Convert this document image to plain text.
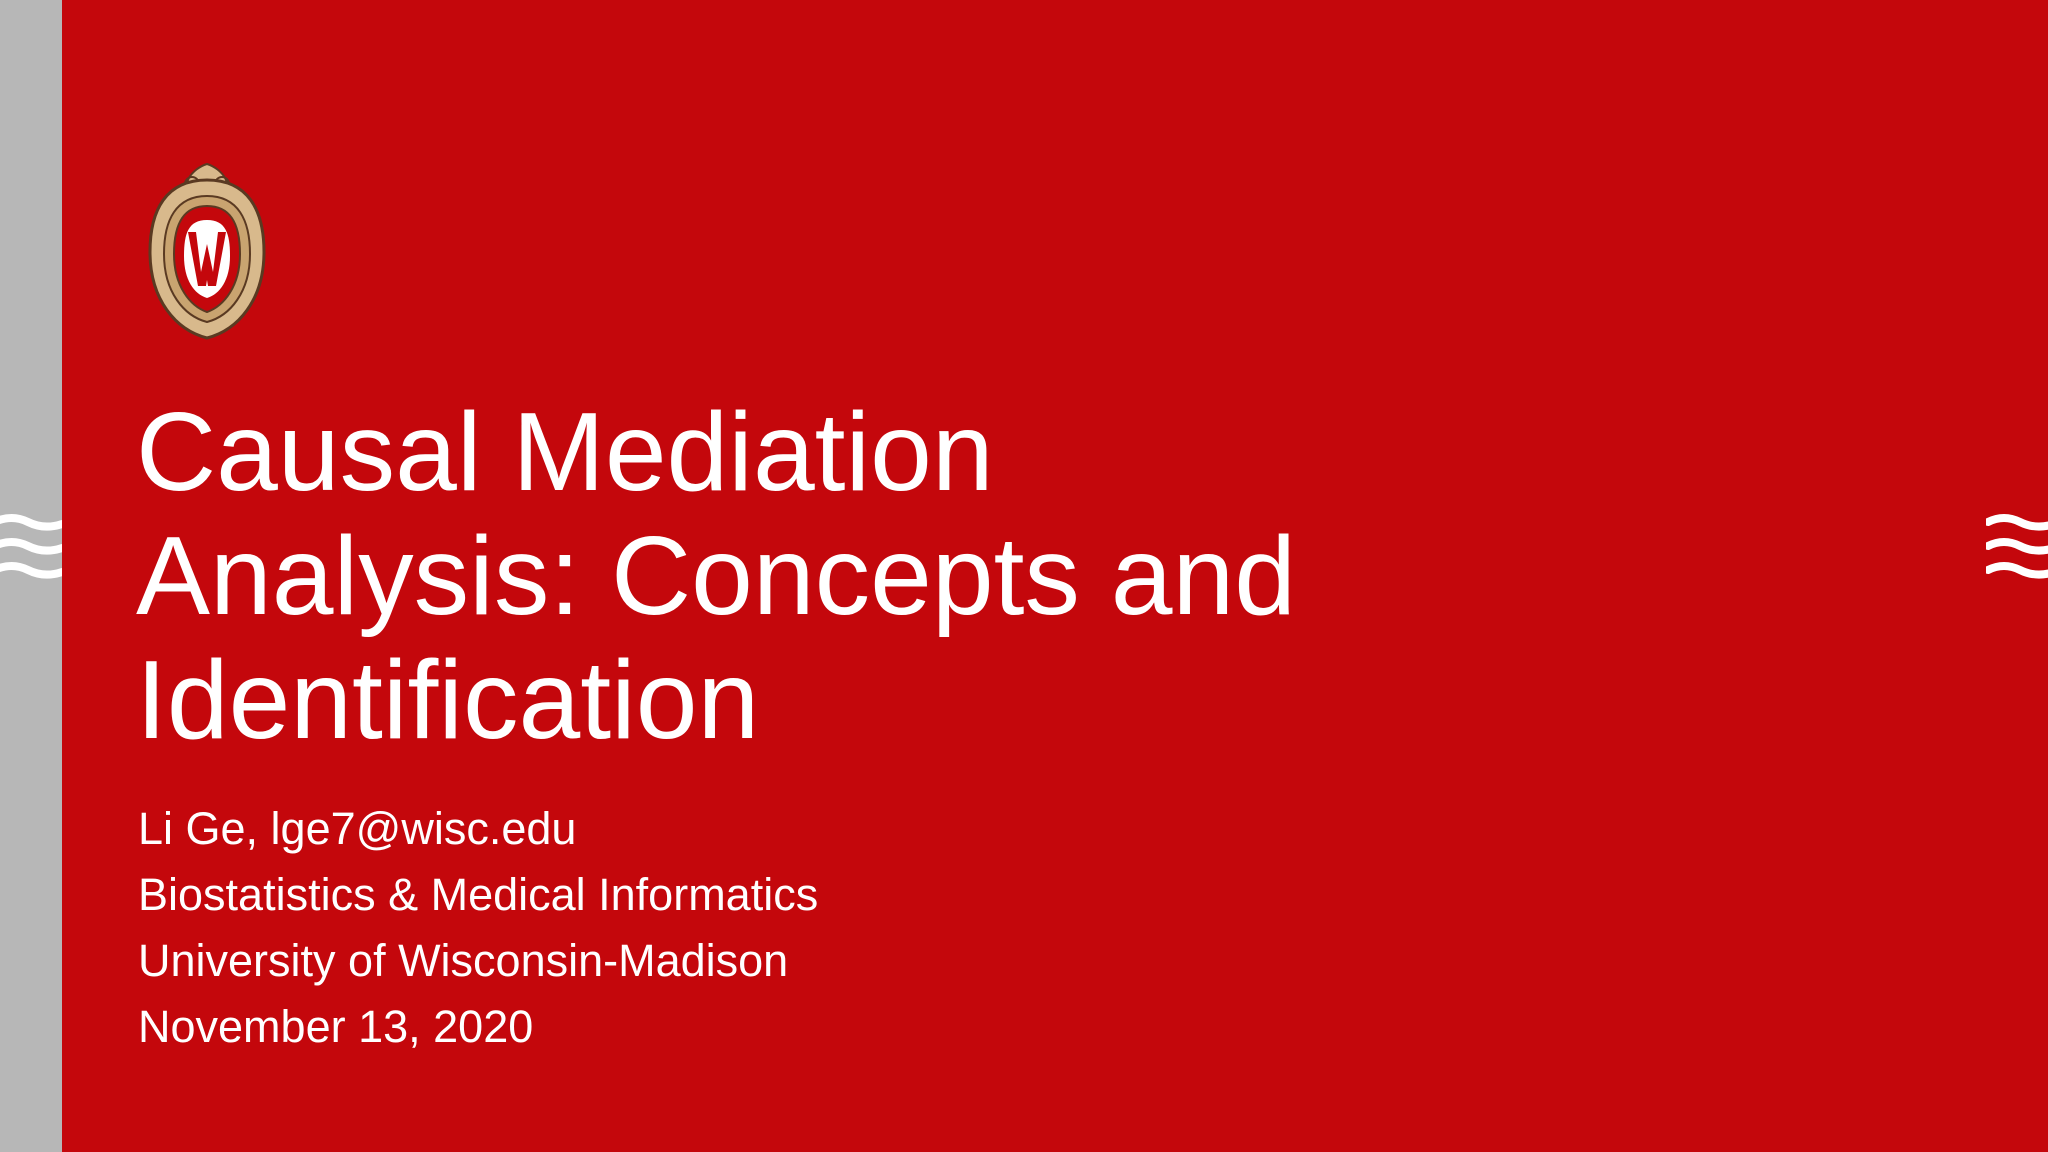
Causal Mediation
Analysis: Concepts and
Identification
Li Ge, lge7@wisc.edu
Biostatistics & Medical Informatics
University of Wisconsin-Madison
November 13, 2020
